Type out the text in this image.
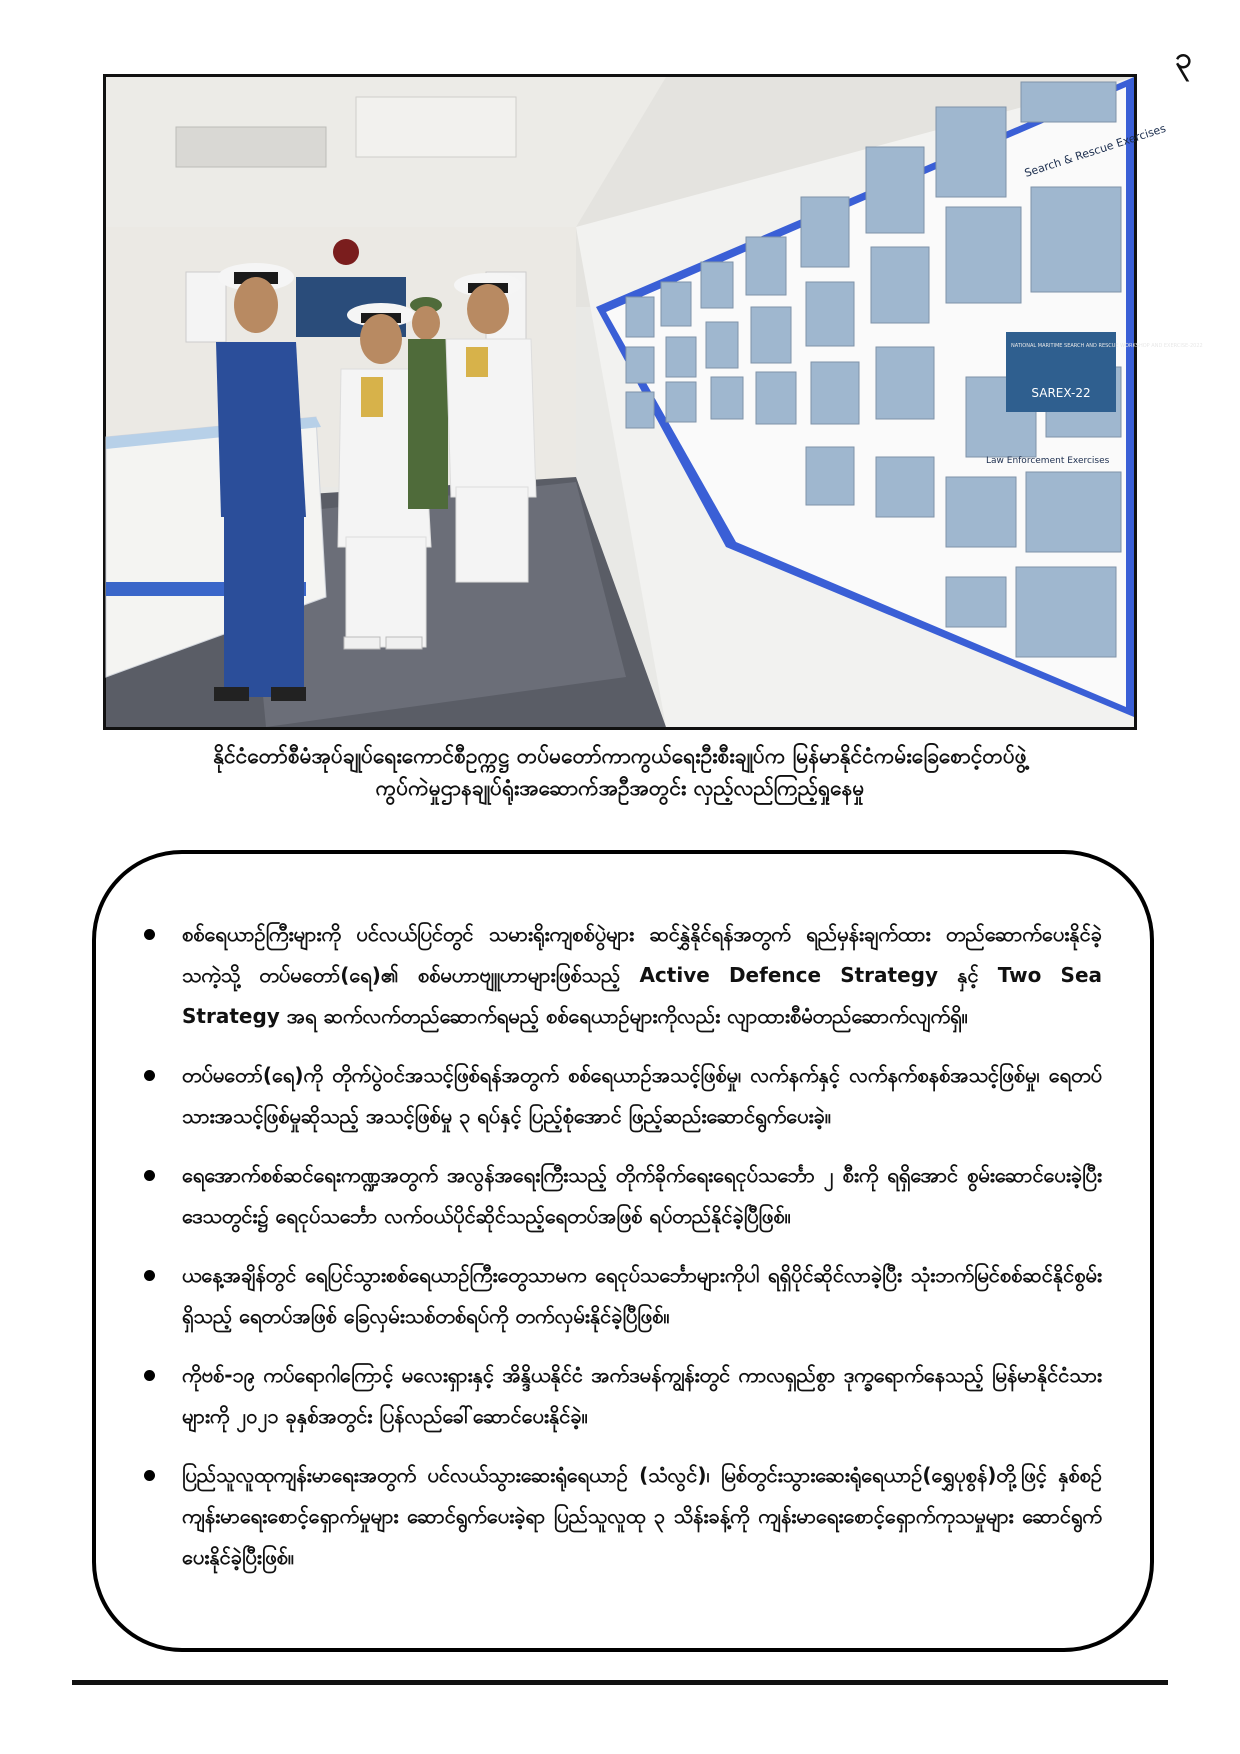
၃
SAREX-22
NATIONAL MARITIME SEARCH AND RESCUE WORKSHOP AND EXERCISE-2022
Search & Rescue Exercises
Law Enforcement Exercises
နိုင်ငံတော်စီမံအုပ်ချုပ်ရေးကောင်စီဥက္ကဋ္ဌ တပ်မတော်ကာကွယ်ရေးဦးစီးချုပ်က မြန်မာနိုင်ငံကမ်းခြေစောင့်တပ်ဖွဲ့
ကွပ်ကဲမှုဌာနချုပ်ရုံးအဆောက်အဦအတွင်း လှည့်လည်ကြည့်ရှုနေမှု
စစ်ရေယာဉ်ကြီးများကို ပင်လယ်ပြင်တွင် သမားရိုးကျစစ်ပွဲများ ဆင်နွှဲနိုင်ရန်အတွက် ရည်မှန်းချက်ထား တည်ဆောက်ပေးနိုင်ခဲ့သကဲ့သို့ တပ်မတော်(ရေ)၏ စစ်မဟာဗျူဟာများဖြစ်သည့် Active Defence Strategy နှင့် Two Sea Strategy အရ ဆက်လက်တည်ဆောက်ရမည့် စစ်ရေယာဉ်များကိုလည်း လျာထားစီမံတည်ဆောက်လျက်ရှိ။
တပ်မတော်(ရေ)ကို တိုက်ပွဲဝင်အသင့်ဖြစ်ရန်အတွက် စစ်ရေယာဉ်အသင့်ဖြစ်မှု၊ လက်နက်နှင့် လက်နက်စနစ်အသင့်ဖြစ်မှု၊ ရေတပ်သားအသင့်ဖြစ်မှုဆိုသည့် အသင့်ဖြစ်မှု ၃ ရပ်နှင့် ပြည့်စုံအောင် ဖြည့်ဆည်းဆောင်ရွက်ပေးခဲ့။
ရေအောက်စစ်ဆင်ရေးကဏ္ဍအတွက် အလွန်အရေးကြီးသည့် တိုက်ခိုက်ရေးရေငုပ်သင်္ဘော ၂ စီးကို ရရှိအောင် စွမ်းဆောင်ပေးခဲ့ပြီး ဒေသတွင်း၌ ရေငုပ်သင်္ဘော လက်ဝယ်ပိုင်ဆိုင်သည့်ရေတပ်အဖြစ် ရပ်တည်နိုင်ခဲ့ပြီဖြစ်။
ယနေ့အချိန်တွင် ရေပြင်သွားစစ်ရေယာဉ်ကြီးတွေသာမက ရေငုပ်သင်္ဘောများကိုပါ ရရှိပိုင်ဆိုင်လာခဲ့ပြီး သုံးဘက်မြင်စစ်ဆင်နိုင်စွမ်းရှိသည့် ရေတပ်အဖြစ် ခြေလှမ်းသစ်တစ်ရပ်ကို တက်လှမ်းနိုင်ခဲ့ပြီဖြစ်။
ကိုဗစ်-၁၉ ကပ်ရောဂါကြောင့် မလေးရှားနှင့် အိန္ဒိယနိုင်ငံ အက်ဒမန်ကျွန်းတွင် ကာလရှည်စွာ ဒုက္ခရောက်နေသည့် မြန်မာနိုင်ငံသားများကို ၂၀၂၁ ခုနှစ်အတွင်း ပြန်လည်ခေါ်ဆောင်ပေးနိုင်ခဲ့။
ပြည်သူလူထုကျန်းမာရေးအတွက် ပင်လယ်သွားဆေးရုံရေယာဉ် (သံလွင်)၊ မြစ်တွင်းသွားဆေးရုံရေယာဉ်(ရွှေပုစွန်)တို့ဖြင့် နှစ်စဉ်ကျန်းမာရေးစောင့်ရှောက်မှုများ ဆောင်ရွက်ပေးခဲ့ရာ ပြည်သူလူထု ၃ သိန်းခန့်ကို ကျန်းမာရေးစောင့်ရှောက်ကုသမှုများ ဆောင်ရွက်ပေးနိုင်ခဲ့ပြီးဖြစ်။
